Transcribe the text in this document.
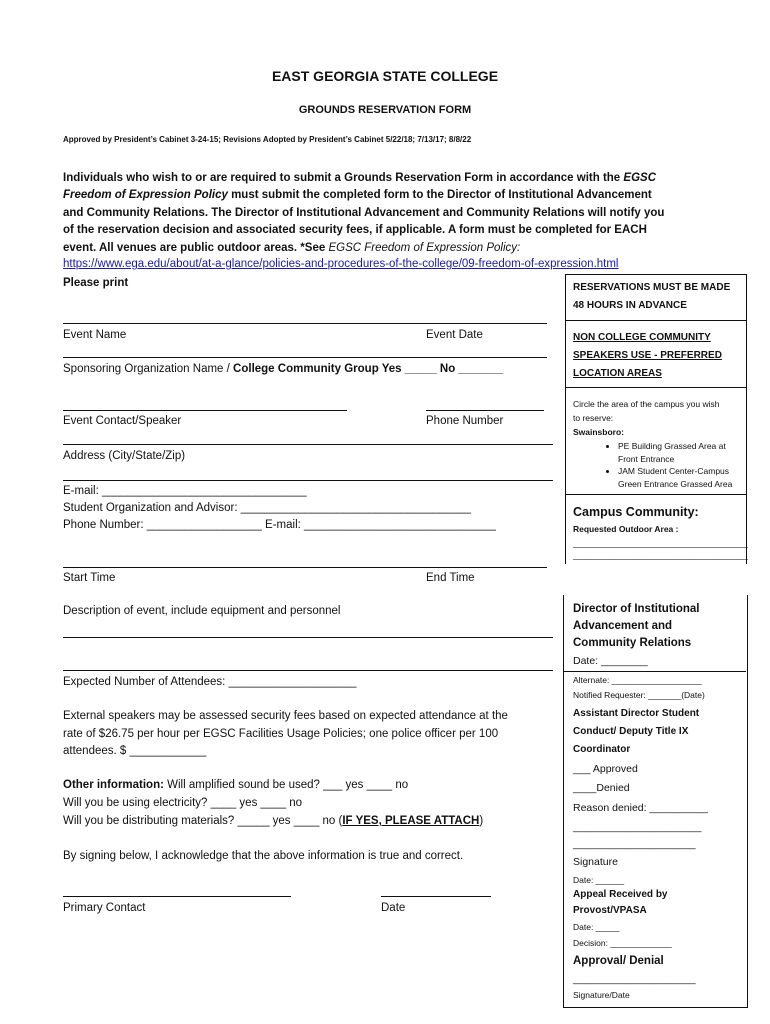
EAST GEORGIA STATE COLLEGE
GROUNDS RESERVATION FORM
Approved by President’s Cabinet 3-24-15; Revisions Adopted by President’s Cabinet 5/22/18; 7/13/17; 8/8/22
Individuals who wish to or are required to submit a Grounds Reservation Form in accordance with the EGSC
Freedom of Expression Policy must submit the completed form to the Director of Institutional Advancement
and Community Relations. The Director of Institutional Advancement and Community Relations will notify you
of the reservation decision and associated security fees, if applicable. A form must be completed for EACH
event. All venues are public outdoor areas. *See EGSC Freedom of Expression Policy:
https://www.ega.edu/about/at-a-glance/policies-and-procedures-of-the-college/09-freedom-of-expression.html
Please print
Event Name	Event Date
Sponsoring Organization Name / College Community Group Yes _____ No _______
Event Contact/Speaker	Phone Number
Address (City/State/Zip)
E-mail: ________________________________
Student Organization and Advisor: ____________________________________
Phone Number: __________________ E-mail: ______________________________
Start Time	End Time
Description of event, include equipment and personnel
Expected Number of Attendees: ____________________
External speakers may be assessed security fees based on expected attendance at the
rate of $26.75 per hour per EGSC Facilities Usage Policies; one police officer per 100
attendees. $ ____________
Other information: Will amplified sound be used? ___ yes ____ no
Will you be using electricity? ____ yes ____ no
Will you be distributing materials? _____ yes ____ no (IF YES, PLEASE ATTACH)
By signing below, I acknowledge that the above information is true and correct.
Primary Contact	Date
RESERVATIONS MUST BE MADE
48 HOURS IN ADVANCE
NON COLLEGE COMMUNITY
SPEAKERS USE - PREFERRED
LOCATION AREAS
Circle the area of the campus you wish
to reserve:
Swainsboro:
• PE Building Grassed Area at
Front Entrance
• JAM Student Center-Campus
Green Entrance Grassed Area
Campus Community:
Requested Outdoor Area :
_____________________________________
_____________________________________
Director of Institutional
Advancement and
Community Relations
Date: ________
Alternate: ___________________
Notified Requester: _______(Date)
Assistant Director Student
Conduct/ Deputy Title IX
Coordinator
___ Approved
____Denied
Reason denied: __________
______________________
_____________________
Signature
Date: ______
Appeal Received by
Provost/VPASA
Date: _____
Decision: _____________
Approval/ Denial
_____________________
Signature/Date
